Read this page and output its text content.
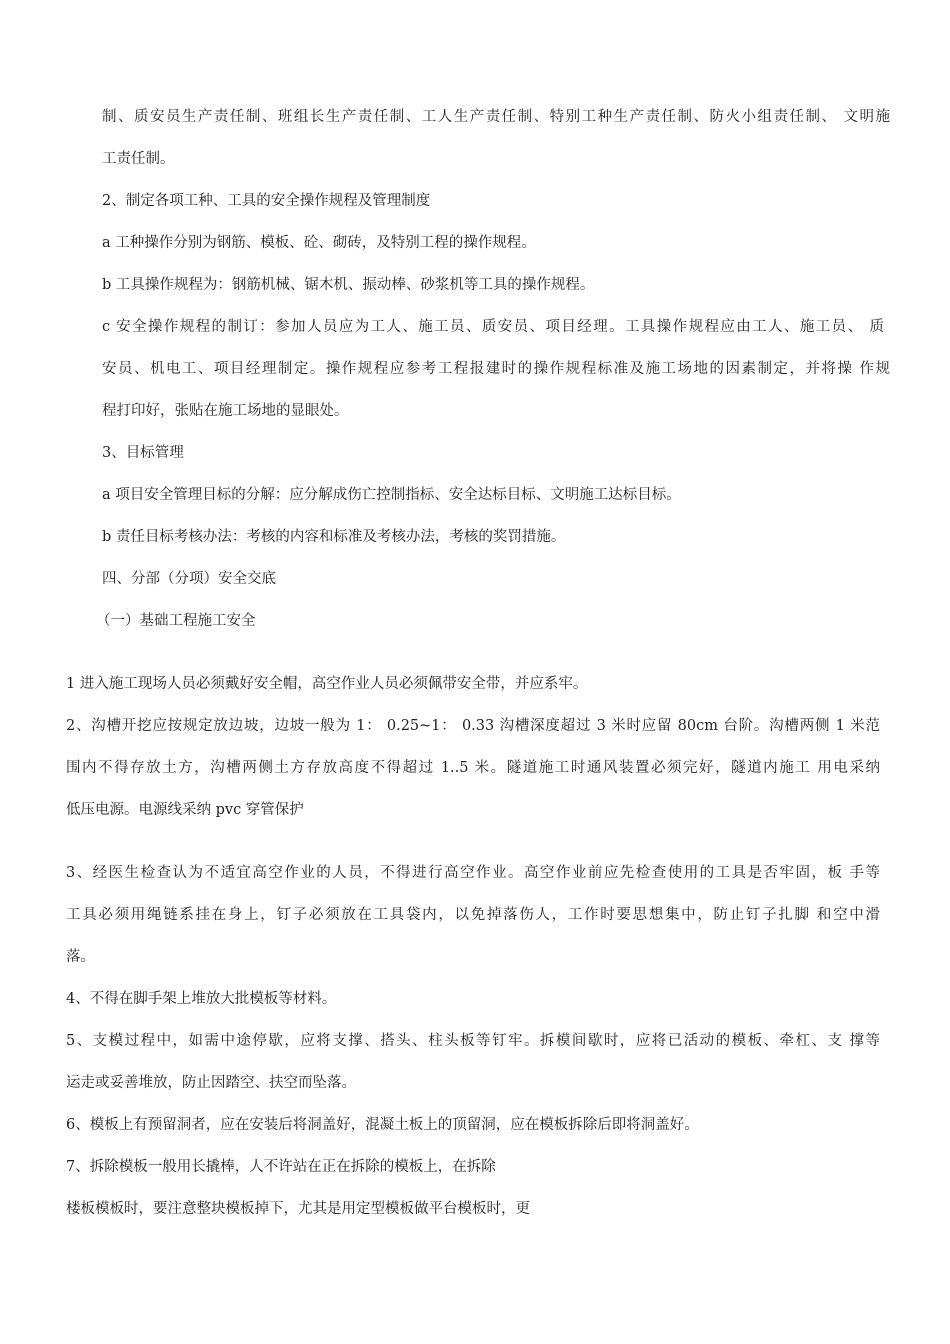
制、质安员生产责任制、班组长生产责任制、工人生产责任制、特别工种生产责任制、防火小组责任制、 文明施

工责任制。

2、制定各项工种、工具的安全操作规程及管理制度

a 工种操作分别为钢筋、模板、砼、砌砖，及特别工程的操作规程。

b 工具操作规程为：钢筋机械、锯木机、振动棒、砂浆机等工具的操作规程。

c 安全操作规程的制订：参加人员应为工人、施工员、质安员、项目经理。工具操作规程应由工人、施工员、 质

安员、机电工、项目经理制定。操作规程应参考工程报建时的操作规程标准及施工场地的因素制定，并将操 作规

程打印好，张贴在施工场地的显眼处。

3、目标管理

a 项目安全管理目标的分解：应分解成伤亡控制指标、安全达标目标、文明施工达标目标。

b 责任目标考核办法：考核的内容和标准及考核办法，考核的奖罚措施。

四、分部（分项）安全交底

（一）基础工程施工安全

1 进入施工现场人员必须戴好安全帽，高空作业人员必须佩带安全带，并应系牢。

2、沟槽开挖应按规定放边坡，边坡一般为 1： 0.25~1： 0.33 沟槽深度超过 3 米时应留 80cm 台阶。沟槽两侧 1 米范

围内不得存放土方，沟槽两侧土方存放高度不得超过 1..5 米。隧道施工时通风装置必须完好，隧道内施工 用电采纳

低压电源。电源线采纳 pvc 穿管保护

3、经医生检查认为不适宜高空作业的人员，不得进行高空作业。高空作业前应先检查使用的工具是否牢固，板 手等

工具必须用绳链系挂在身上，钉子必须放在工具袋内，以免掉落伤人，工作时要思想集中，防止钉子扎脚 和空中滑

落。

4、不得在脚手架上堆放大批模板等材料。

5、支模过程中，如需中途停歇，应将支撑、搭头、柱头板等钉牢。拆模间歇时，应将已活动的模板、牵杠、支 撑等

运走或妥善堆放，防止因踏空、扶空而坠落。

6、模板上有预留洞者，应在安装后将洞盖好，混凝土板上的顶留洞，应在模板拆除后即将洞盖好。

7、拆除模板一般用长撬棒，人不许站在正在拆除的模板上，在拆除

楼板模板时，要注意整块模板掉下，尤其是用定型模板做平台模板时，更
